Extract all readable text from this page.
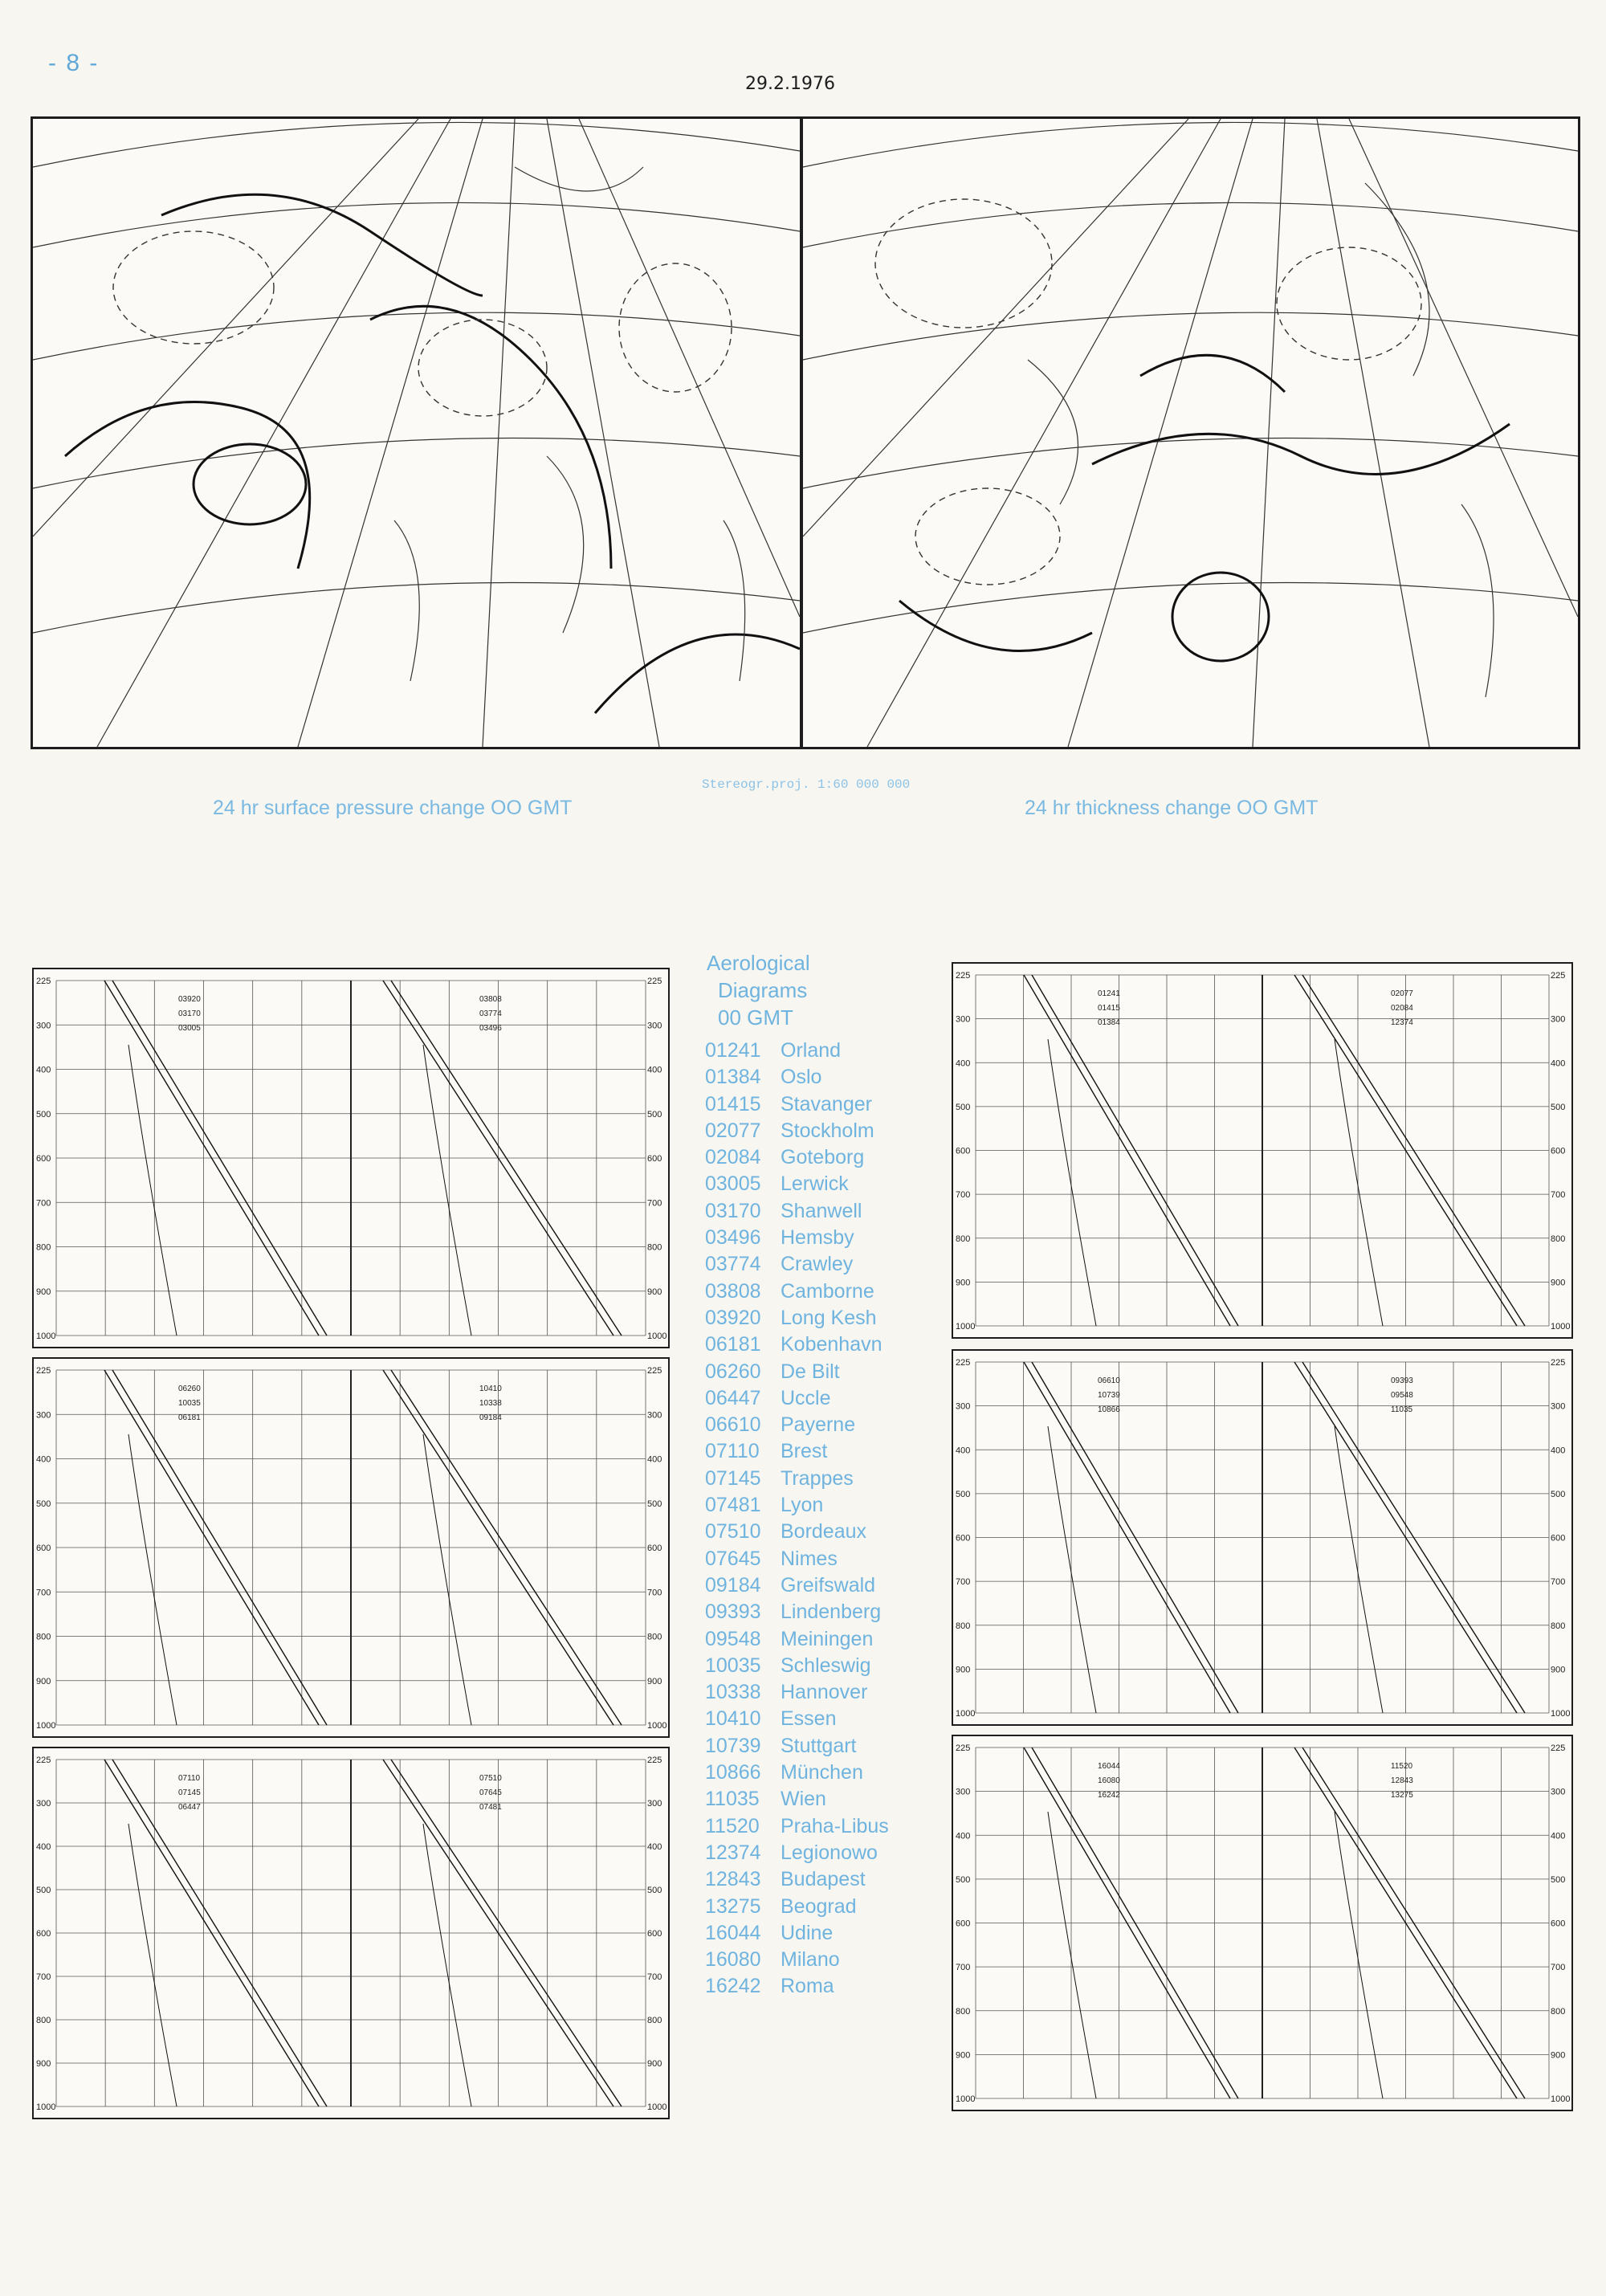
- 8 -
29.2.1976
24 hr surface pressure change OO GMT
Stereogr.proj. 1:60 000 000
24 hr thickness change OO GMT
225	225
300	300
400	400
500	500
600	600
700	700
800	800
900	900
1000	1000
03920
03170
03005
03808
03774
03496
225	225
300	300
400	400
500	500
600	600
700	700
800	800
900	900
1000	1000
06260
10035
06181
10410
10338
09184
225	225
300	300
400	400
500	500
600	600
700	700
800	800
900	900
1000	1000
07110
07145
06447
07510
07645
07481
225	225
300	300
400	400
500	500
600	600
700	700
800	800
900	900
1000	1000
01241
01415
01384
02077
02084
12374
225	225
300	300
400	400
500	500
600	600
700	700
800	800
900	900
1000	1000
06610
10739
10866
09393
09548
11035
225	225
300	300
400	400
500	500
600	600
700	700
800	800
900	900
1000	1000
16044
16080
16242
11520
12843
13275
Aerological
Diagrams
00 GMT
01241 Orland
01384 Oslo
01415 Stavanger
02077 Stockholm
02084 Goteborg
03005 Lerwick
03170 Shanwell
03496 Hemsby
03774 Crawley
03808 Camborne
03920 Long Kesh
06181 Kobenhavn
06260 De Bilt
06447 Uccle
06610 Payerne
07110	Brest
07145 Trappes
07481 Lyon
07510 Bordeaux
07645 Nimes
09184 Greifswald
09393 Lindenberg
09548 Meiningen
10035 Schleswig
10338 Hannover
10410 Essen
10739 Stuttgart
10866 München
11035	Wien
11520	Praha-Libus
12374 Legionowo
12843 Budapest
13275 Beograd
16044 Udine
16080 Milano
16242 Roma
